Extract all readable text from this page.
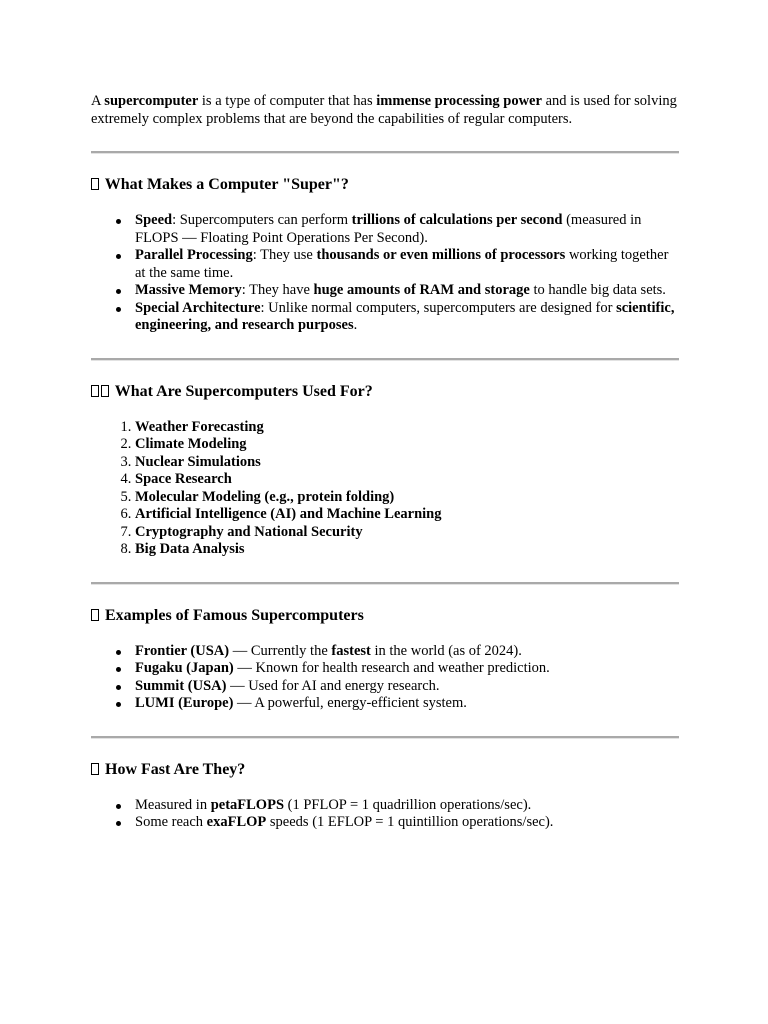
A supercomputer is a type of computer that has immense processing power and is used for solving extremely complex problems that are beyond the capabilities of regular computers.

What Makes a Computer "Super"?
Speed: Supercomputers can perform trillions of calculations per second (measured in FLOPS — Floating Point Operations Per Second).
Parallel Processing: They use thousands or even millions of processors working together at the same time.
Massive Memory: They have huge amounts of RAM and storage to handle big data sets.
Special Architecture: Unlike normal computers, supercomputers are designed for scientific, engineering, and research purposes.
What Are Supercomputers Used For?
1. Weather Forecasting
2. Climate Modeling
3. Nuclear Simulations
4. Space Research
5. Molecular Modeling (e.g., protein folding)
6. Artificial Intelligence (AI) and Machine Learning
7. Cryptography and National Security
8. Big Data Analysis
Examples of Famous Supercomputers
Frontier (USA) — Currently the fastest in the world (as of 2024).
Fugaku (Japan) — Known for health research and weather prediction.
Summit (USA) — Used for AI and energy research.
LUMI (Europe) — A powerful, energy-efficient system.
How Fast Are They?
Measured in petaFLOPS (1 PFLOP = 1 quadrillion operations/sec).
Some reach exaFLOP speeds (1 EFLOP = 1 quintillion operations/sec).
